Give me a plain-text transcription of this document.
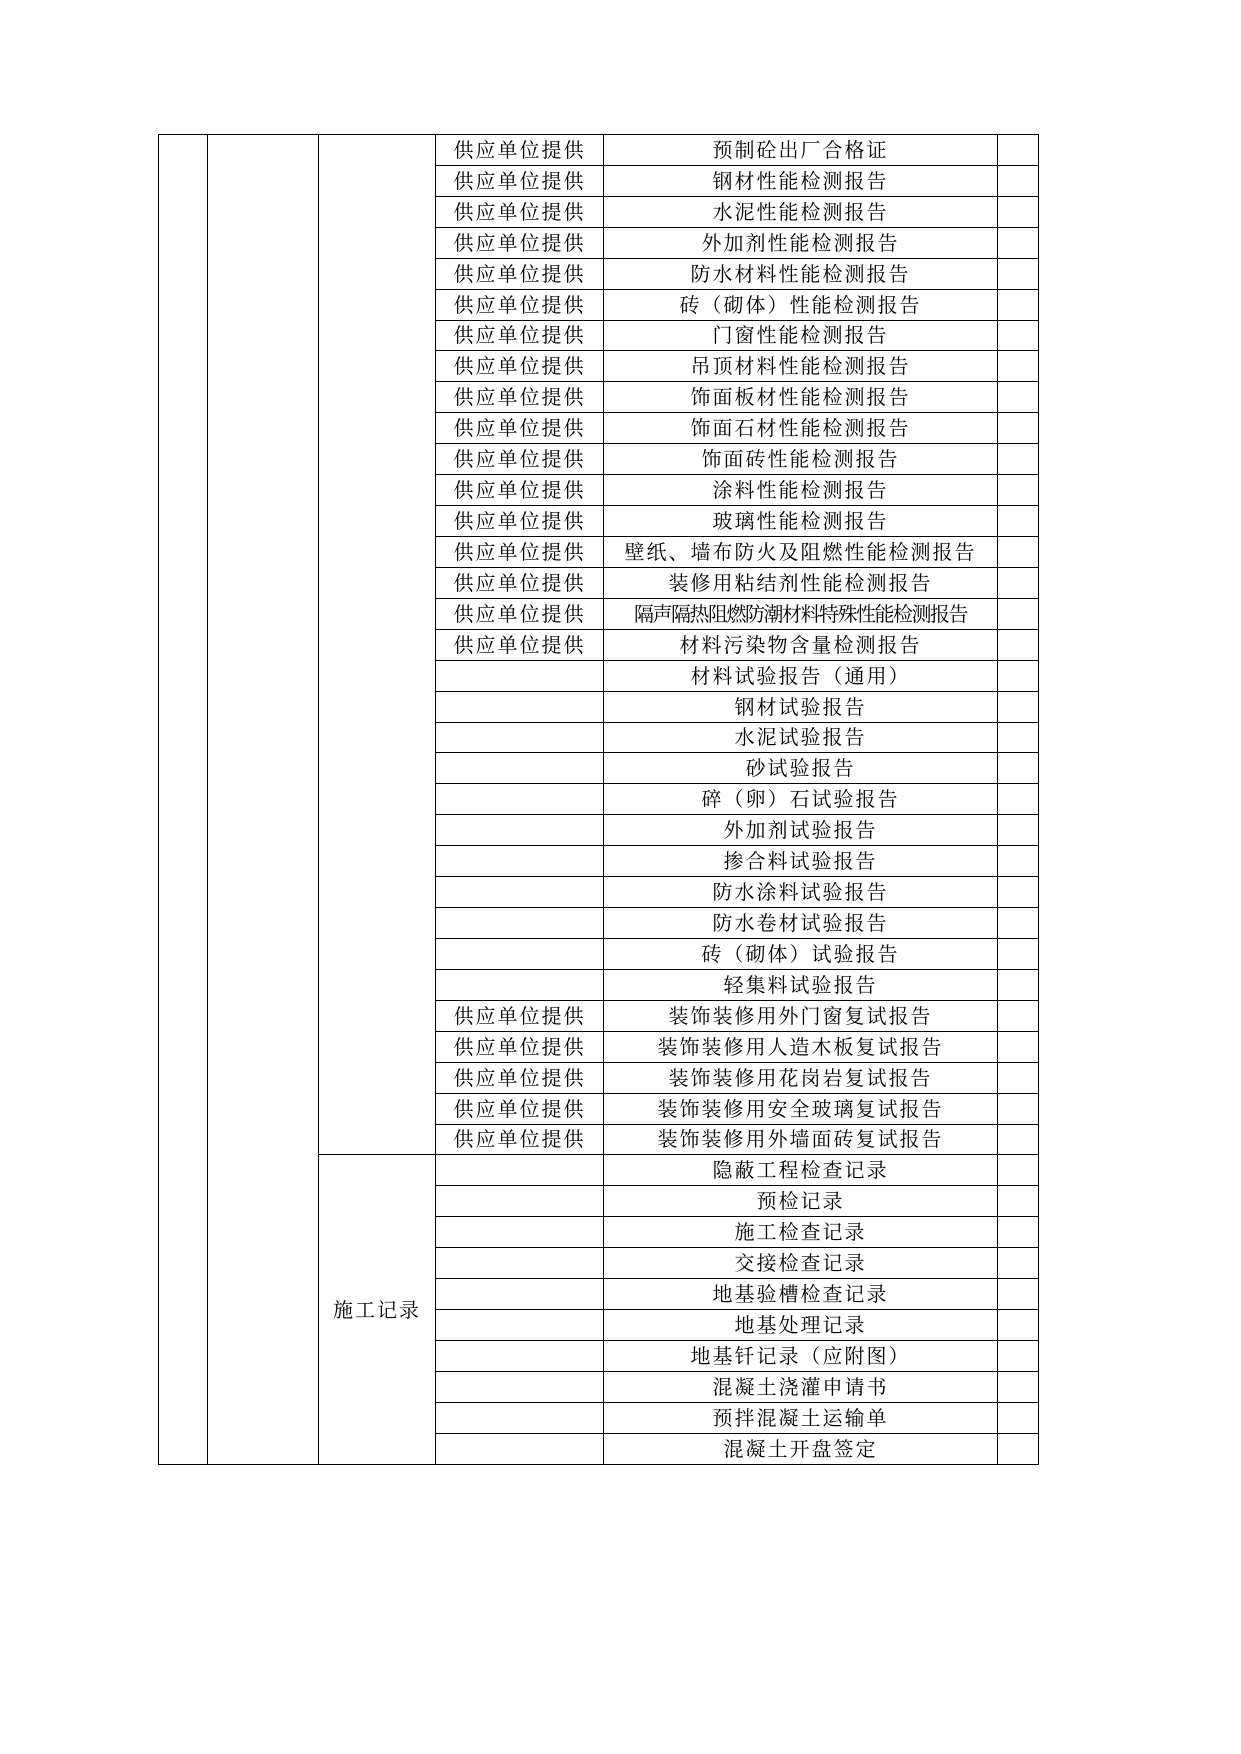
			供应单位提供	预制砼出厂合格证	
			供应单位提供	钢材性能检测报告	
			供应单位提供	水泥性能检测报告	
			供应单位提供	外加剂性能检测报告	
			供应单位提供	防水材料性能检测报告	
			供应单位提供	砖（砌体）性能检测报告	
			供应单位提供	门窗性能检测报告	
			供应单位提供	吊顶材料性能检测报告	
			供应单位提供	饰面板材性能检测报告	
			供应单位提供	饰面石材性能检测报告	
			供应单位提供	饰面砖性能检测报告	
			供应单位提供	涂料性能检测报告	
			供应单位提供	玻璃性能检测报告	
			供应单位提供	壁纸、墙布防火及阻燃性能检测报告	
			供应单位提供	装修用粘结剂性能检测报告	
			供应单位提供	隔声隔热阻燃防潮材料特殊性能检测报告	
			供应单位提供	材料污染物含量检测报告	
				材料试验报告（通用）	
				钢材试验报告	
				水泥试验报告	
				砂试验报告	
				碎（卵）石试验报告	
				外加剂试验报告	
				掺合料试验报告	
				防水涂料试验报告	
				防水卷材试验报告	
				砖（砌体）试验报告	
				轻集料试验报告	
			供应单位提供	装饰装修用外门窗复试报告	
			供应单位提供	装饰装修用人造木板复试报告	
			供应单位提供	装饰装修用花岗岩复试报告	
			供应单位提供	装饰装修用安全玻璃复试报告	
			供应单位提供	装饰装修用外墙面砖复试报告	
		施工记录		隐蔽工程检查记录	
				预检记录	
				施工检查记录	
				交接检查记录	
				地基验槽检查记录	
				地基处理记录	
				地基钎记录（应附图）	
				混凝土浇灌申请书	
				预拌混凝土运输单	
				混凝土开盘签定	
